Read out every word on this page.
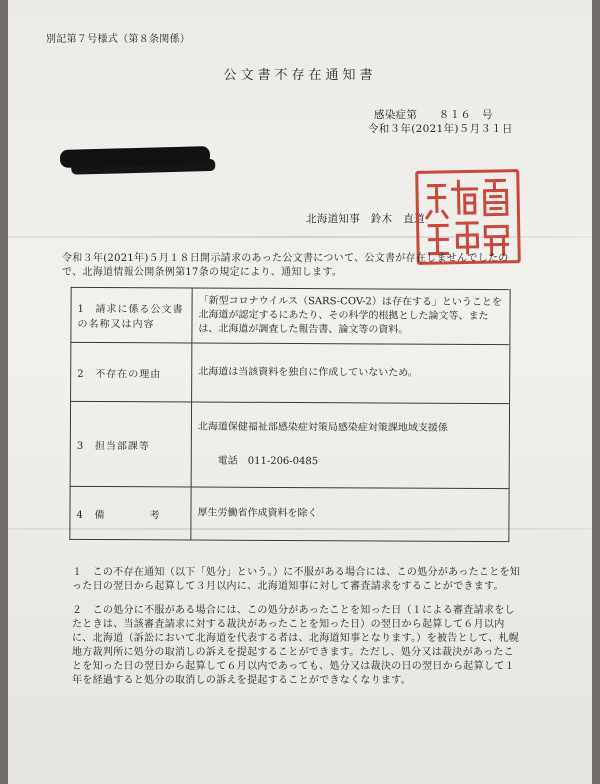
別記第７号様式（第８条関係）
公文書不存在通知書
感染症第　　８１６　号
令和３年(2021年)５月３１日
北海道知事　鈴木　直道
令和３年(2021年)５月１８日開示請求のあった公文書について、公文書が存在しませんでしたので、北海道情報公開条例第17条の規定により、通知します。
1 請求に係る公文書の名称又は内容	「新型コロナウイルス（SARS-COV-2）は存在する」ということを北海道が認定するにあたり、その科学的根拠とした論文等、または、北海道が調査した報告書、論文等の資料。
2 不存在の理由	北海道は当該資料を独自に作成していないため。
3 担当部課等	北海道保健福祉部感染症対策局感染症対策課地域支援係
電話　011-206-0485

4 備　　　　考	厚生労働省作成資料を除く
１　この不存在通知（以下「処分」という。）に不服がある場合には、この処分があったことを知った日の翌日から起算して３月以内に、北海道知事に対して審査請求をすることができます。
２　この処分に不服がある場合には、この処分があったことを知った日（１による審査請求をしたときは、当該審査請求に対する裁決があったことを知った日）の翌日から起算して６月以内に、北海道（訴訟において北海道を代表する者は、北海道知事となります。）を被告として、札幌地方裁判所に処分の取消しの訴えを提起することができます。ただし、処分又は裁決があったことを知った日の翌日から起算して６月以内であっても、処分又は裁決の日の翌日から起算して１年を経過すると処分の取消しの訴えを提起することができなくなります。
